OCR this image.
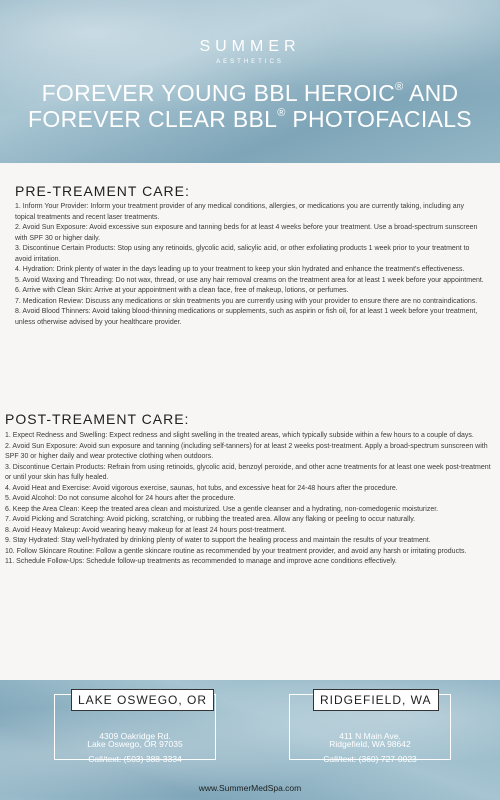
SUMMER
AESTHETICS
FOREVER YOUNG BBL HEROIC® AND
FOREVER CLEAR BBL® PHOTOFACIALS
PRE-TREAMENT CARE:
1. Inform Your Provider: Inform your treatment provider of any medical conditions, allergies, or medications you are currently taking, including any topical treatments and recent laser treatments.
2. Avoid Sun Exposure: Avoid excessive sun exposure and tanning beds for at least 4 weeks before your treatment. Use a broad-spectrum sunscreen with SPF 30 or higher daily.
3. Discontinue Certain Products: Stop using any retinoids, glycolic acid, salicylic acid, or other exfoliating products 1 week prior to your treatment to avoid irritation.
4. Hydration: Drink plenty of water in the days leading up to your treatment to keep your skin hydrated and enhance the treatment's effectiveness.
5. Avoid Waxing and Threading: Do not wax, thread, or use any hair removal creams on the treatment area for at least 1 week before your appointment.
6. Arrive with Clean Skin: Arrive at your appointment with a clean face, free of makeup, lotions, or perfumes.
7. Medication Review: Discuss any medications or skin treatments you are currently using with your provider to ensure there are no contraindications.
8. Avoid Blood Thinners: Avoid taking blood-thinning medications or supplements, such as aspirin or fish oil, for at least 1 week before your treatment, unless otherwise advised by your healthcare provider.
POST-TREAMENT CARE:
1. Expect Redness and Swelling: Expect redness and slight swelling in the treated areas, which typically subside within a few hours to a couple of days.
2. Avoid Sun Exposure: Avoid sun exposure and tanning (including self-tanners) for at least 2 weeks post-treatment. Apply a broad-spectrum sunscreen with SPF 30 or higher daily and wear protective clothing when outdoors.
3. Discontinue Certain Products: Refrain from using retinoids, glycolic acid, benzoyl peroxide, and other acne treatments for at least one week post-treatment or until your skin has fully healed.
4. Avoid Heat and Exercise: Avoid vigorous exercise, saunas, hot tubs, and excessive heat for 24-48 hours after the procedure.
5. Avoid Alcohol: Do not consume alcohol for 24 hours after the procedure.
6. Keep the Area Clean: Keep the treated area clean and moisturized. Use a gentle cleanser and a hydrating, non-comedogenic moisturizer.
7. Avoid Picking and Scratching: Avoid picking, scratching, or rubbing the treated area. Allow any flaking or peeling to occur naturally.
8. Avoid Heavy Makeup: Avoid wearing heavy makeup for at least 24 hours post-treatment.
9. Stay Hydrated: Stay well-hydrated by drinking plenty of water to support the healing process and maintain the results of your treatment.
10. Follow Skincare Routine: Follow a gentle skincare routine as recommended by your treatment provider, and avoid any harsh or irritating products.
11. Schedule Follow-Ups: Schedule follow-up treatments as recommended to manage and improve acne conditions effectively.
LAKE OSWEGO, OR
4309 Oakridge Rd.
Lake Oswego, OR 97035
Call/text: (503) 388-3334
RIDGEFIELD, WA
411 N Main Ave.
Ridgefield, WA 98642
Call/text: (360) 727-0023
www.SummerMedSpa.com
